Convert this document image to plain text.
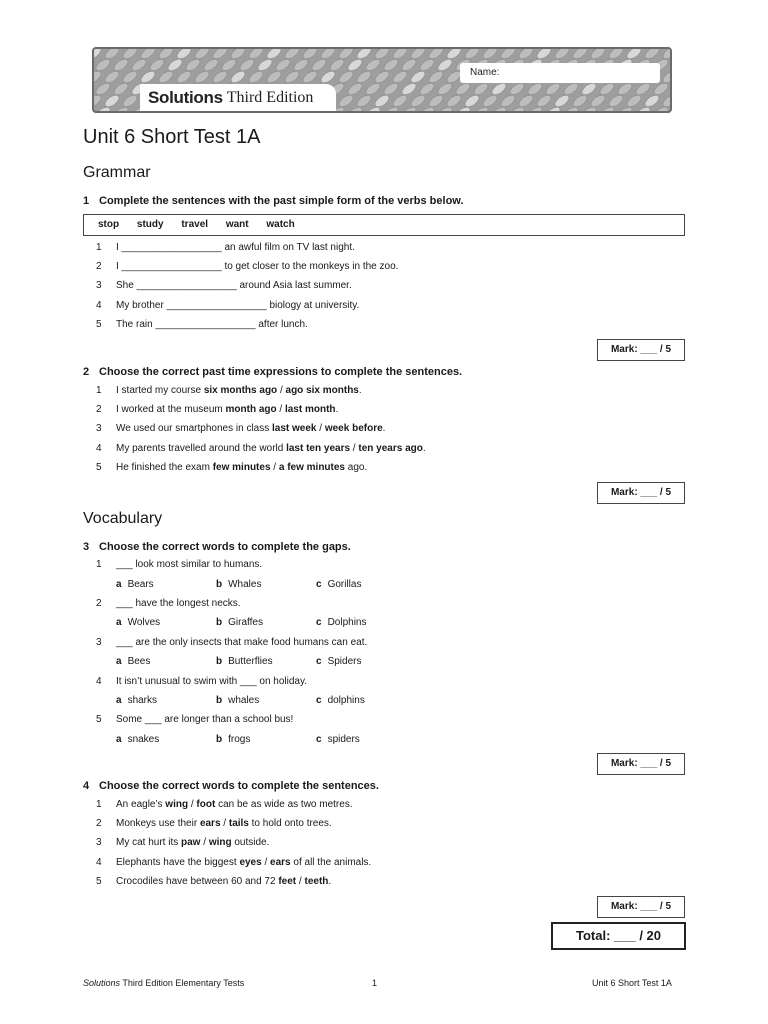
Solutions Third Edition
Name:
Unit 6 Short Test 1A
Grammar
1 Complete the sentences with the past simple form of the verbs below.
stop study travel want watch
1 I __________________ an awful film on TV last night.
2 I __________________ to get closer to the monkeys in the zoo.
3 She __________________ around Asia last summer.
4 My brother __________________ biology at university.
5 The rain __________________ after lunch.
Mark: ___ / 5
2 Choose the correct past time expressions to complete the sentences.
1 I started my course six months ago / ago six months.
2 I worked at the museum month ago / last month.
3 We used our smartphones in class last week / week before.
4 My parents travelled around the world last ten years / ten years ago.
5 He finished the exam few minutes / a few minutes ago.
Mark: ___ / 5
Vocabulary
3 Choose the correct words to complete the gaps.
1 ___ look most similar to humans.
a Bears	b Whales	c Gorillas
2 ___ have the longest necks.
a Wolves	b Giraffes	c Dolphins
3 ___ are the only insects that make food humans can eat.
a Bees	b Butterflies	c Spiders
4 It isn’t unusual to swim with ___ on holiday.
a sharks	b whales	c dolphins
5 Some ___ are longer than a school bus!
a snakes	b frogs	c spiders
Mark: ___ / 5
4 Choose the correct words to complete the sentences.
1 An eagle’s wing / foot can be as wide as two metres.
2 Monkeys use their ears / tails to hold onto trees.
3 My cat hurt its paw / wing outside.
4 Elephants have the biggest eyes / ears of all the animals.
5 Crocodiles have between 60 and 72 feet / teeth.
Mark: ___ / 5
Total: ___ / 20
Solutions Third Edition Elementary Tests	1	Unit 6 Short Test 1A
